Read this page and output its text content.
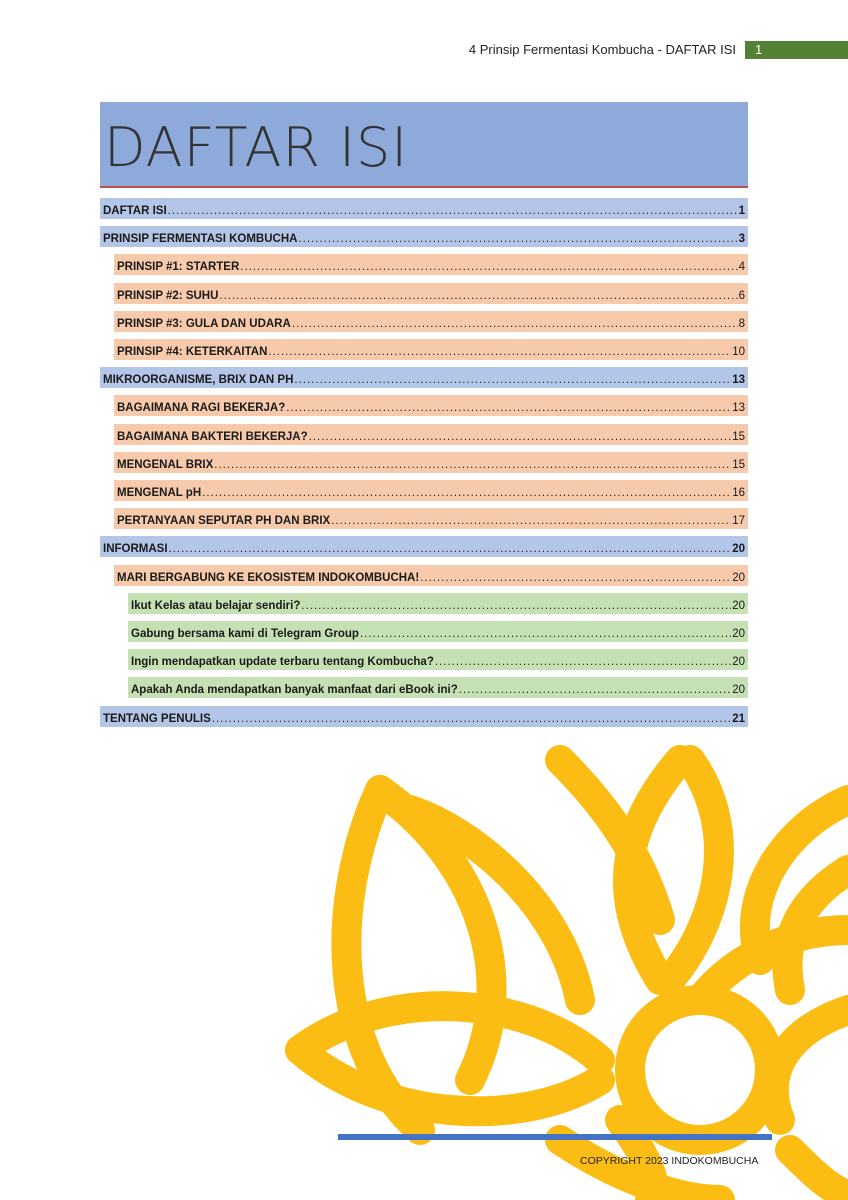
4 Prinsip Fermentasi Kombucha - DAFTAR ISI	1
DAFTAR ISI
DAFTAR ISI .....	1
PRINSIP FERMENTASI KOMBUCHA .....	3
PRINSIP #1: STARTER .....	4
PRINSIP #2: SUHU .....	6
PRINSIP #3: GULA DAN UDARA .....	8
PRINSIP #4: KETERKAITAN .....	10
MIKROORGANISME, BRIX DAN PH .....	13
BAGAIMANA RAGI BEKERJA? .....	13
BAGAIMANA BAKTERI BEKERJA? .....	15
MENGENAL BRIX .....	15
MENGENAL pH .....	16
PERTANYAAN SEPUTAR PH DAN BRIX .....	17
INFORMASI .....	20
MARI BERGABUNG KE EKOSISTEM INDOKOMBUCHA! .....	20
Ikut Kelas atau belajar sendiri? .....	20
Gabung bersama kami di Telegram Group .....	20
Ingin mendapatkan update terbaru tentang Kombucha? .....	20
Apakah Anda mendapatkan banyak manfaat dari eBook ini? .....	20
TENTANG PENULIS .....	21
COPYRIGHT 2023 INDOKOMBUCHA
